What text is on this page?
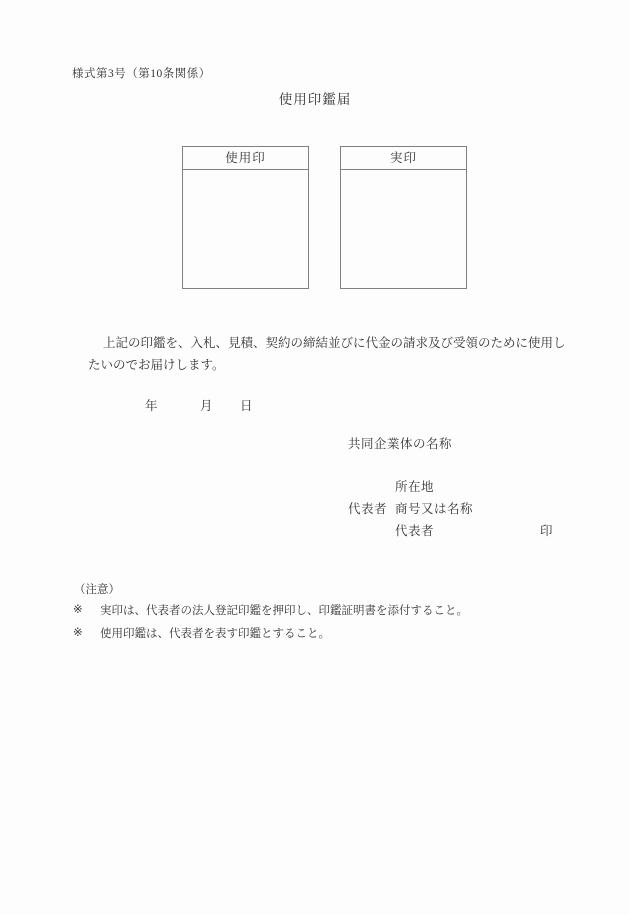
様式第3号（第10条関係）
使用印鑑届
使用印	実印
上記の印鑑を、入札、見積、契約の締結並びに代金の請求及び受領のために使用し
たいのでお届けします。
年	月 日
共同企業体の名称
所在地
代表者 商号又は名称
代表者	印
（注意）
※ 実印は、代表者の法人登記印鑑を押印し、印鑑証明書を添付すること。
※ 使用印鑑は、代表者を表す印鑑とすること。
